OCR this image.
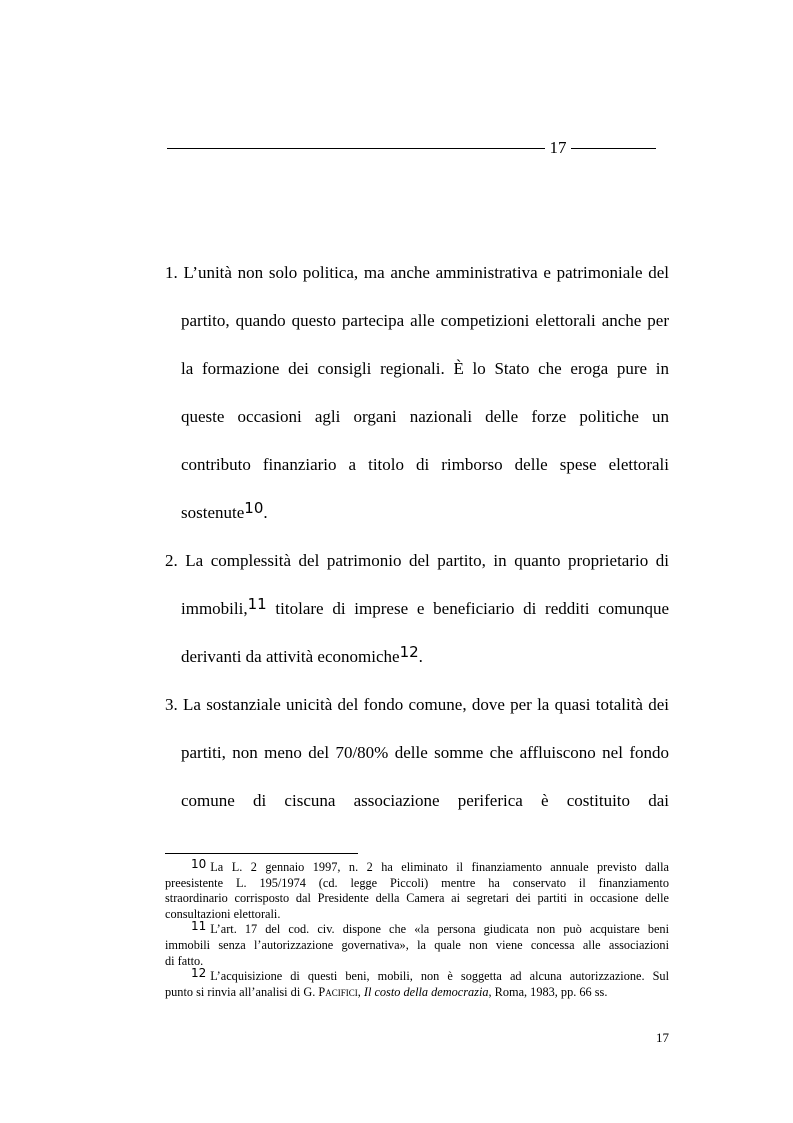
17
1. L’unità non solo politica, ma anche amministrativa e patrimoniale del
partito, quando questo partecipa alle competizioni elettorali anche per
la formazione dei consigli regionali. È lo Stato che eroga pure in
queste occasioni agli organi nazionali delle forze politiche un
contributo finanziario a titolo di rimborso delle spese elettorali
sostenute10.
2. La complessità del patrimonio del partito, in quanto proprietario di
immobili,11 titolare di imprese e beneficiario di redditi comunque
derivanti da attività economiche12.
3. La sostanziale unicità del fondo comune, dove per la quasi totalità dei
partiti, non meno del 70/80% delle somme che affluiscono nel fondo
comune di ciscuna associazione periferica è costituito dai
10 La L. 2 gennaio 1997, n. 2 ha eliminato il finanziamento annuale previsto dalla
preesistente L. 195/1974 (cd. legge Piccoli) mentre ha conservato il finanziamento
straordinario corrisposto dal Presidente della Camera ai segretari dei partiti in occasione delle
consultazioni elettorali.
11 L’art. 17 del cod. civ. dispone che «la persona giudicata non può acquistare beni
immobili senza l’autorizzazione governativa», la quale non viene concessa alle associazioni
di fatto.
12 L’acquisizione di questi beni, mobili, non è soggetta ad alcuna autorizzazione. Sul
punto si rinvia all’analisi di G. Pacifici, Il costo della democrazia, Roma, 1983, pp. 66 ss.
17
